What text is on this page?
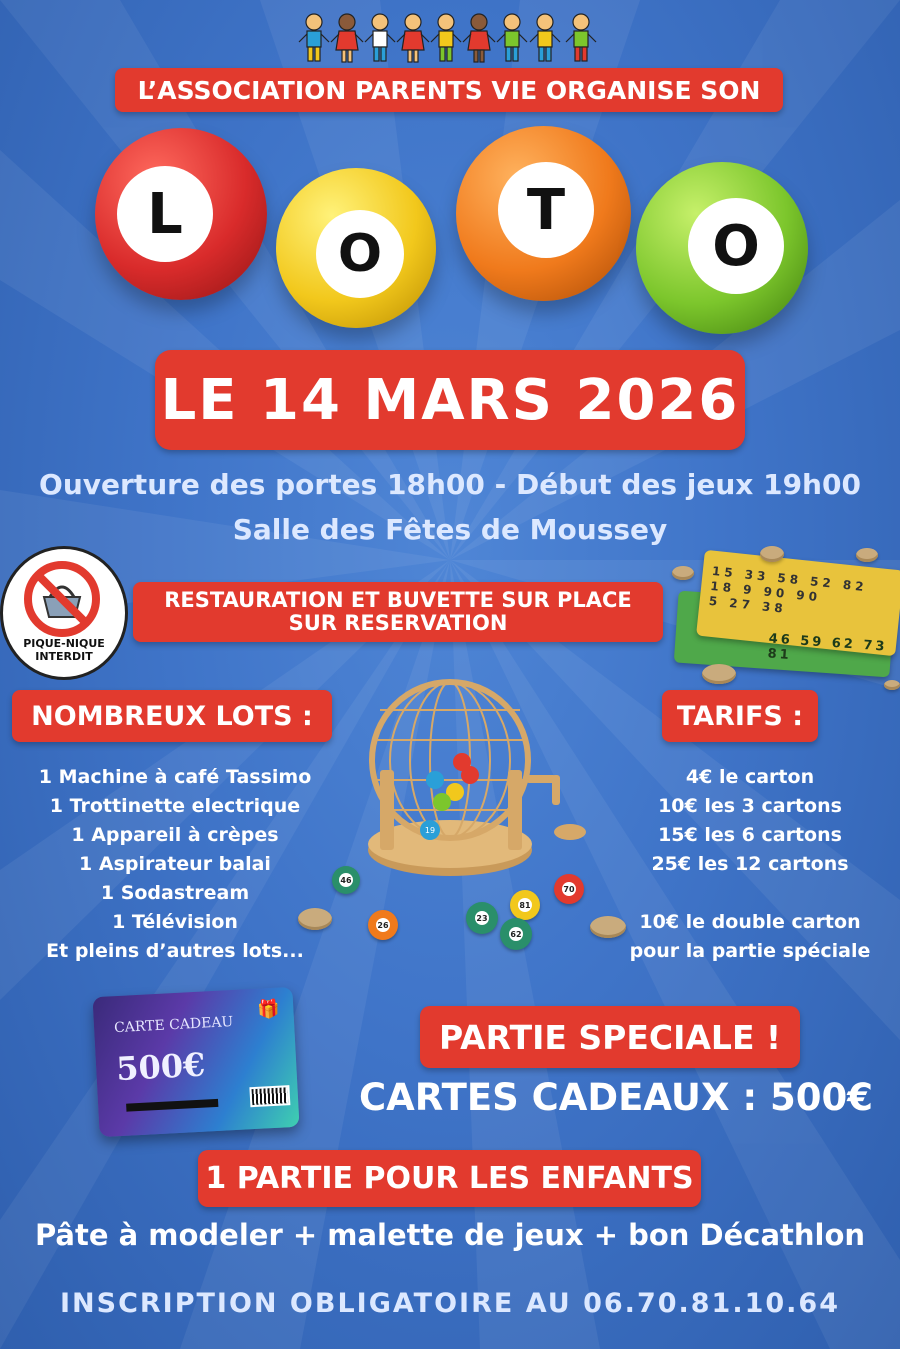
L’ASSOCIATION PARENTS VIE ORGANISE SON
L
O
T
O
LE 14 MARS 2026
Ouverture des portes 18h00 - Début des jeux 19h00
Salle des Fêtes de Moussey
PIQUE-NIQUE
INTERDIT
RESTAURATION ET BUVETTE SUR PLACE
SUR RESERVATION
15 33 58 52 82
18 9 90 90
5 27 38
46 59 62 73 81
NOMBREUX LOTS :
1 Machine à café Tassimo
1 Trottinette electrique
1 Appareil à crèpes
1 Aspirateur balai
1 Sodastream
1 Télévision
Et pleins d’autres lots...
TARIFS :
4€ le carton
10€ les 3 cartons
15€ les 6 cartons
25€ les 12 cartons
10€ le double carton
pour la partie spéciale
19
46
26
23
81
62
70
CARTE CADEAU
500€
🎁
PARTIE SPECIALE !
CARTES CADEAUX : 500€
1 PARTIE POUR LES ENFANTS
Pâte à modeler + malette de jeux + bon Décathlon
INSCRIPTION OBLIGATOIRE AU 06.70.81.10.64
